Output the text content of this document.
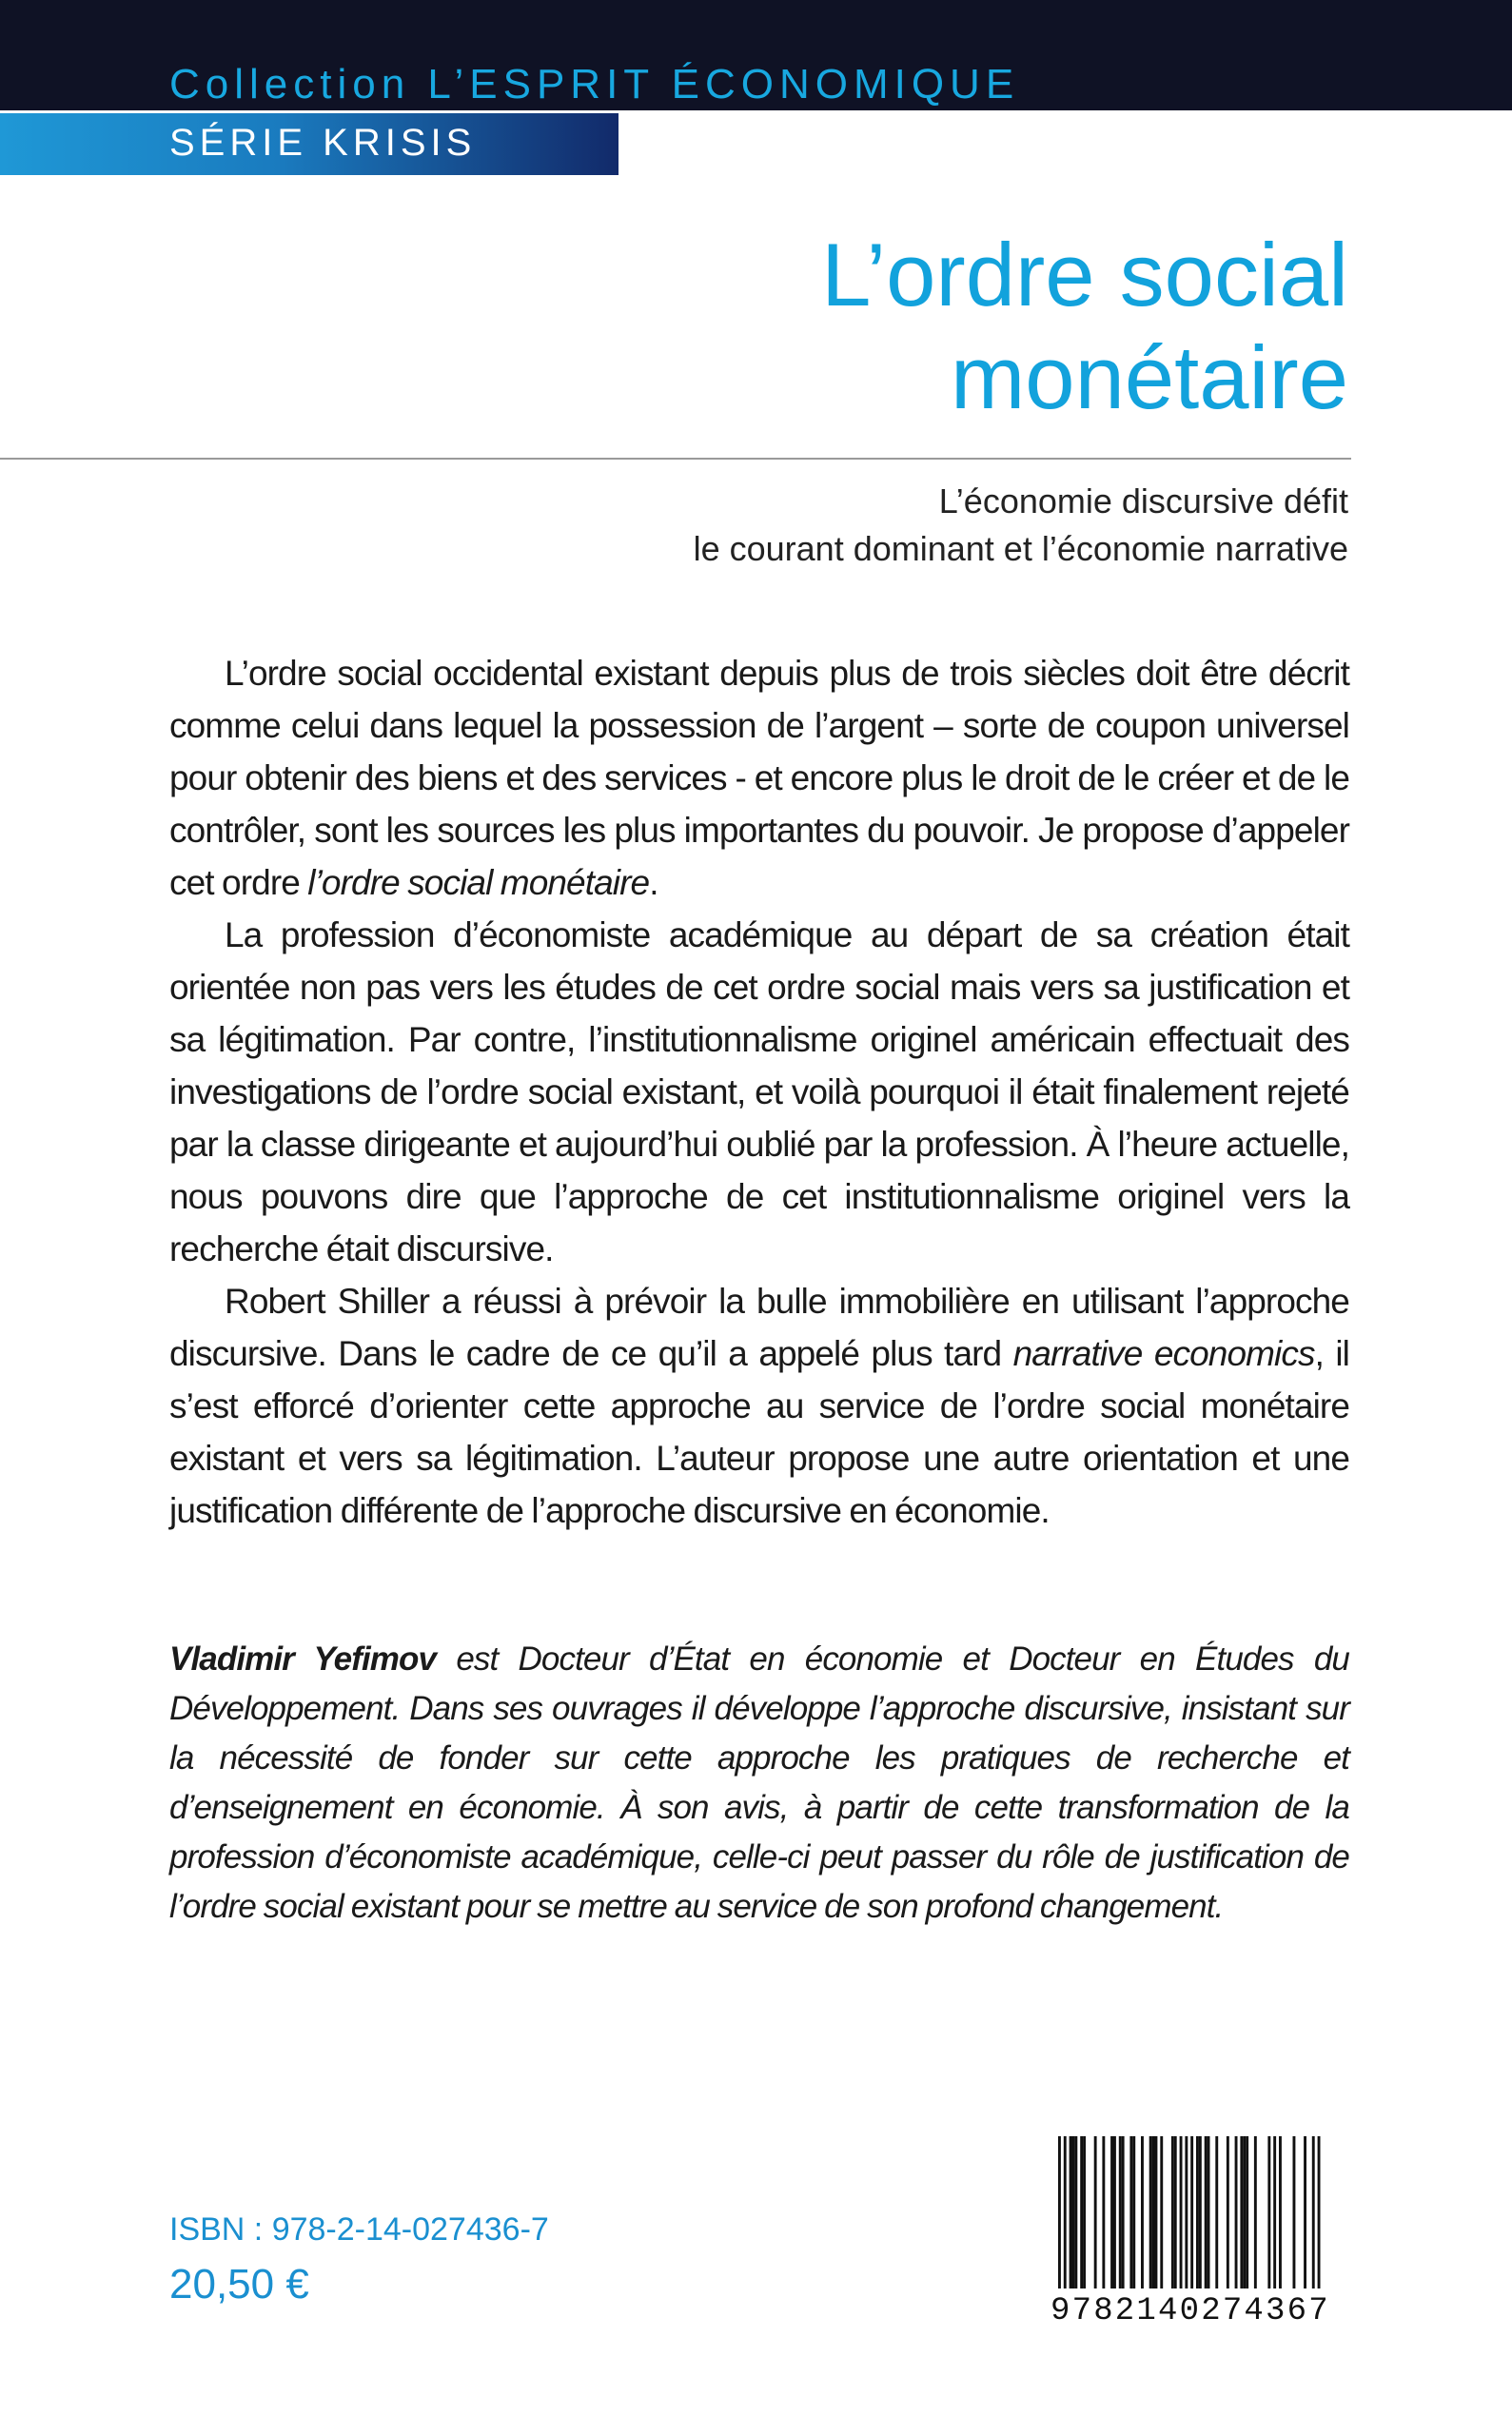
Collection L’ESPRIT ÉCONOMIQUE
SÉRIE KRISIS
L’ordre social
monétaire
L’économie discursive défit
le courant dominant et l’économie narrative

L’ordre social occidental existant depuis plus de trois siècles doit être décrit comme celui dans lequel la possession de l’argent – sorte de coupon universel pour obtenir des biens et des services - et encore plus le droit de le créer et de le contrôler, sont les sources les plus importantes du pouvoir. Je propose d’appeler cet ordre l’ordre social monétaire.

La profession d’économiste académique au départ de sa création était orientée non pas vers les études de cet ordre social mais vers sa justification et sa légitimation. Par contre, l’institutionnalisme originel américain effectuait des investigations de l’ordre social existant, et voilà pourquoi il était finalement rejeté par la classe dirigeante et aujourd’hui oublié par la profession. À l’heure actuelle, nous pouvons dire que l’approche de cet institutionnalisme originel vers la recherche était discursive.

Robert Shiller a réussi à prévoir la bulle immobilière en utilisant l’approche discursive. Dans le cadre de ce qu’il a appelé plus tard narrative economics, il s’est efforcé d’orienter cette approche au service de l’ordre social monétaire existant et vers sa légitimation. L’auteur propose une autre orientation et une justification différente de l’approche discursive en économie.

Vladimir Yefimov est Docteur d’État en économie et Docteur en Études du Développement. Dans ses ouvrages il développe l’approche discursive, insistant sur la nécessité de fonder sur cette approche les pratiques de recherche et d’enseignement en économie. À son avis, à partir de cette transformation de la profession d’économiste académique, celle-ci peut passer du rôle de justification de l’ordre social existant pour se mettre au service de son profond changement.

ISBN : 978-2-14-027436-7
20,50 €
9782140274367
